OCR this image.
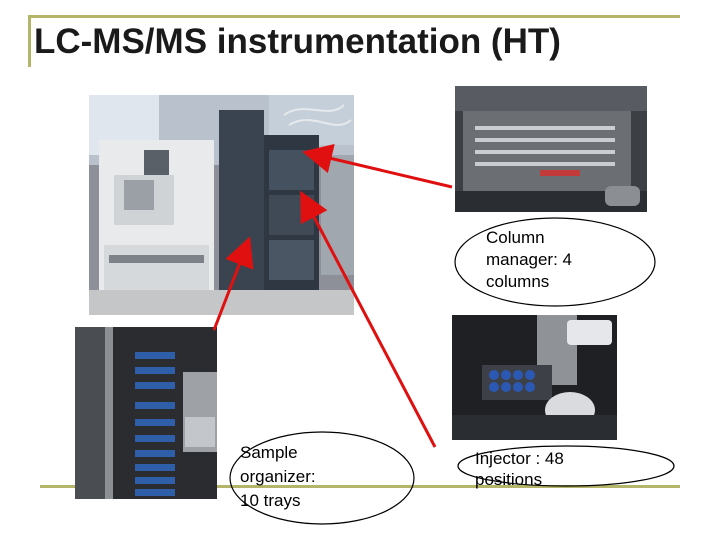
LC-MS/MS instrumentation (HT)
Column
manager: 4
columns
Sample
organizer:
10 trays
Injector : 48
positions
